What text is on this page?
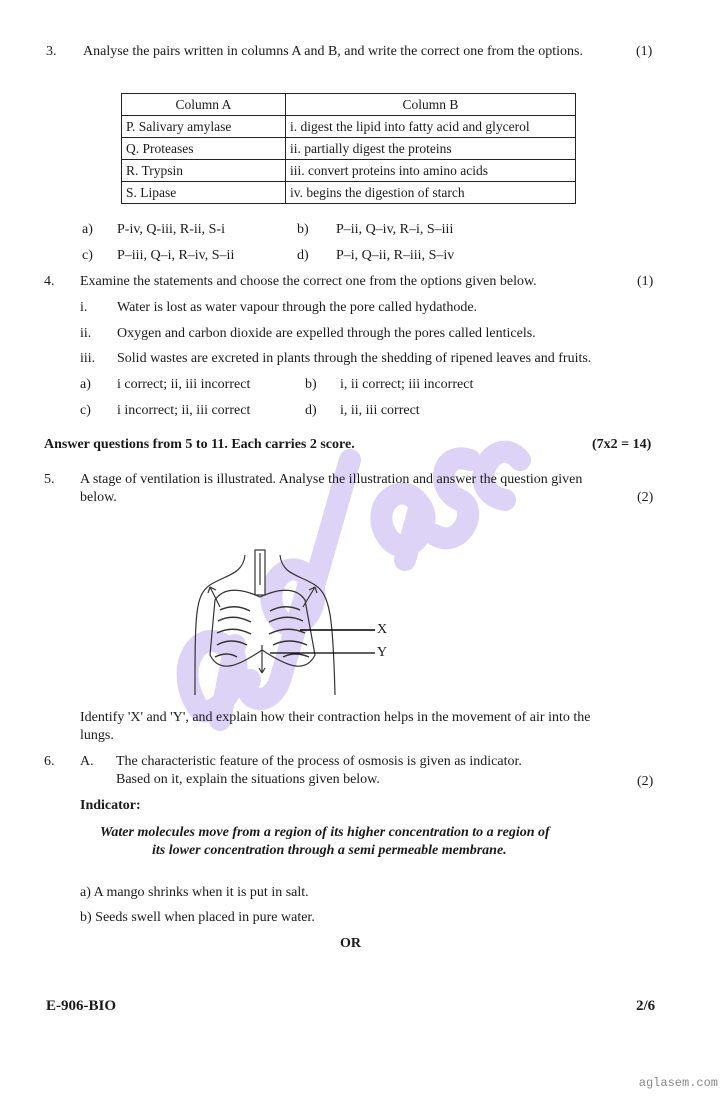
3. Analyse the pairs written in columns A and B, and write the correct one from the options.	(1)
Column A	Column B
P. Salivary amylase	i. digest the lipid into fatty acid and glycerol
Q. Proteases	ii. partially digest the proteins
R. Trypsin	iii. convert proteins into amino acids
S. Lipase	iv. begins the digestion of starch
a) P-iv, Q-iii, R-ii, S-i	b) P–ii, Q–iv, R–i, S–iii
c) P–iii, Q–i, R–iv, S–ii	d) P–i, Q–ii, R–iii, S–iv
4. Examine the statements and choose the correct one from the options given below.	(1)
i. Water is lost as water vapour through the pore called hydathode.
ii. Oxygen and carbon dioxide are expelled through the pores called lenticels.
iii. Solid wastes are excreted in plants through the shedding of ripened leaves and fruits.
a) i correct; ii, iii incorrect	b) i, ii correct; iii incorrect
c) i incorrect; ii, iii correct	d) i, ii, iii correct
Answer questions from 5 to 11. Each carries 2 score.	(7x2 = 14)
5. A stage of ventilation is illustrated. Analyse the illustration and answer the question given
below.	(2)
X
Y
Identify 'X' and 'Y', and explain how their contraction helps in the movement of air into the
lungs.
6. A. The characteristic feature of the process of osmosis is given as indicator.
Based on it, explain the situations given below.	(2)
Indicator:
Water molecules move from a region of its higher concentration to a region of
its lower concentration through a semi permeable membrane.
a) A mango shrinks when it is put in salt.
b) Seeds swell when placed in pure water.
OR
E-906-BIO	2/6
aglasem.com
